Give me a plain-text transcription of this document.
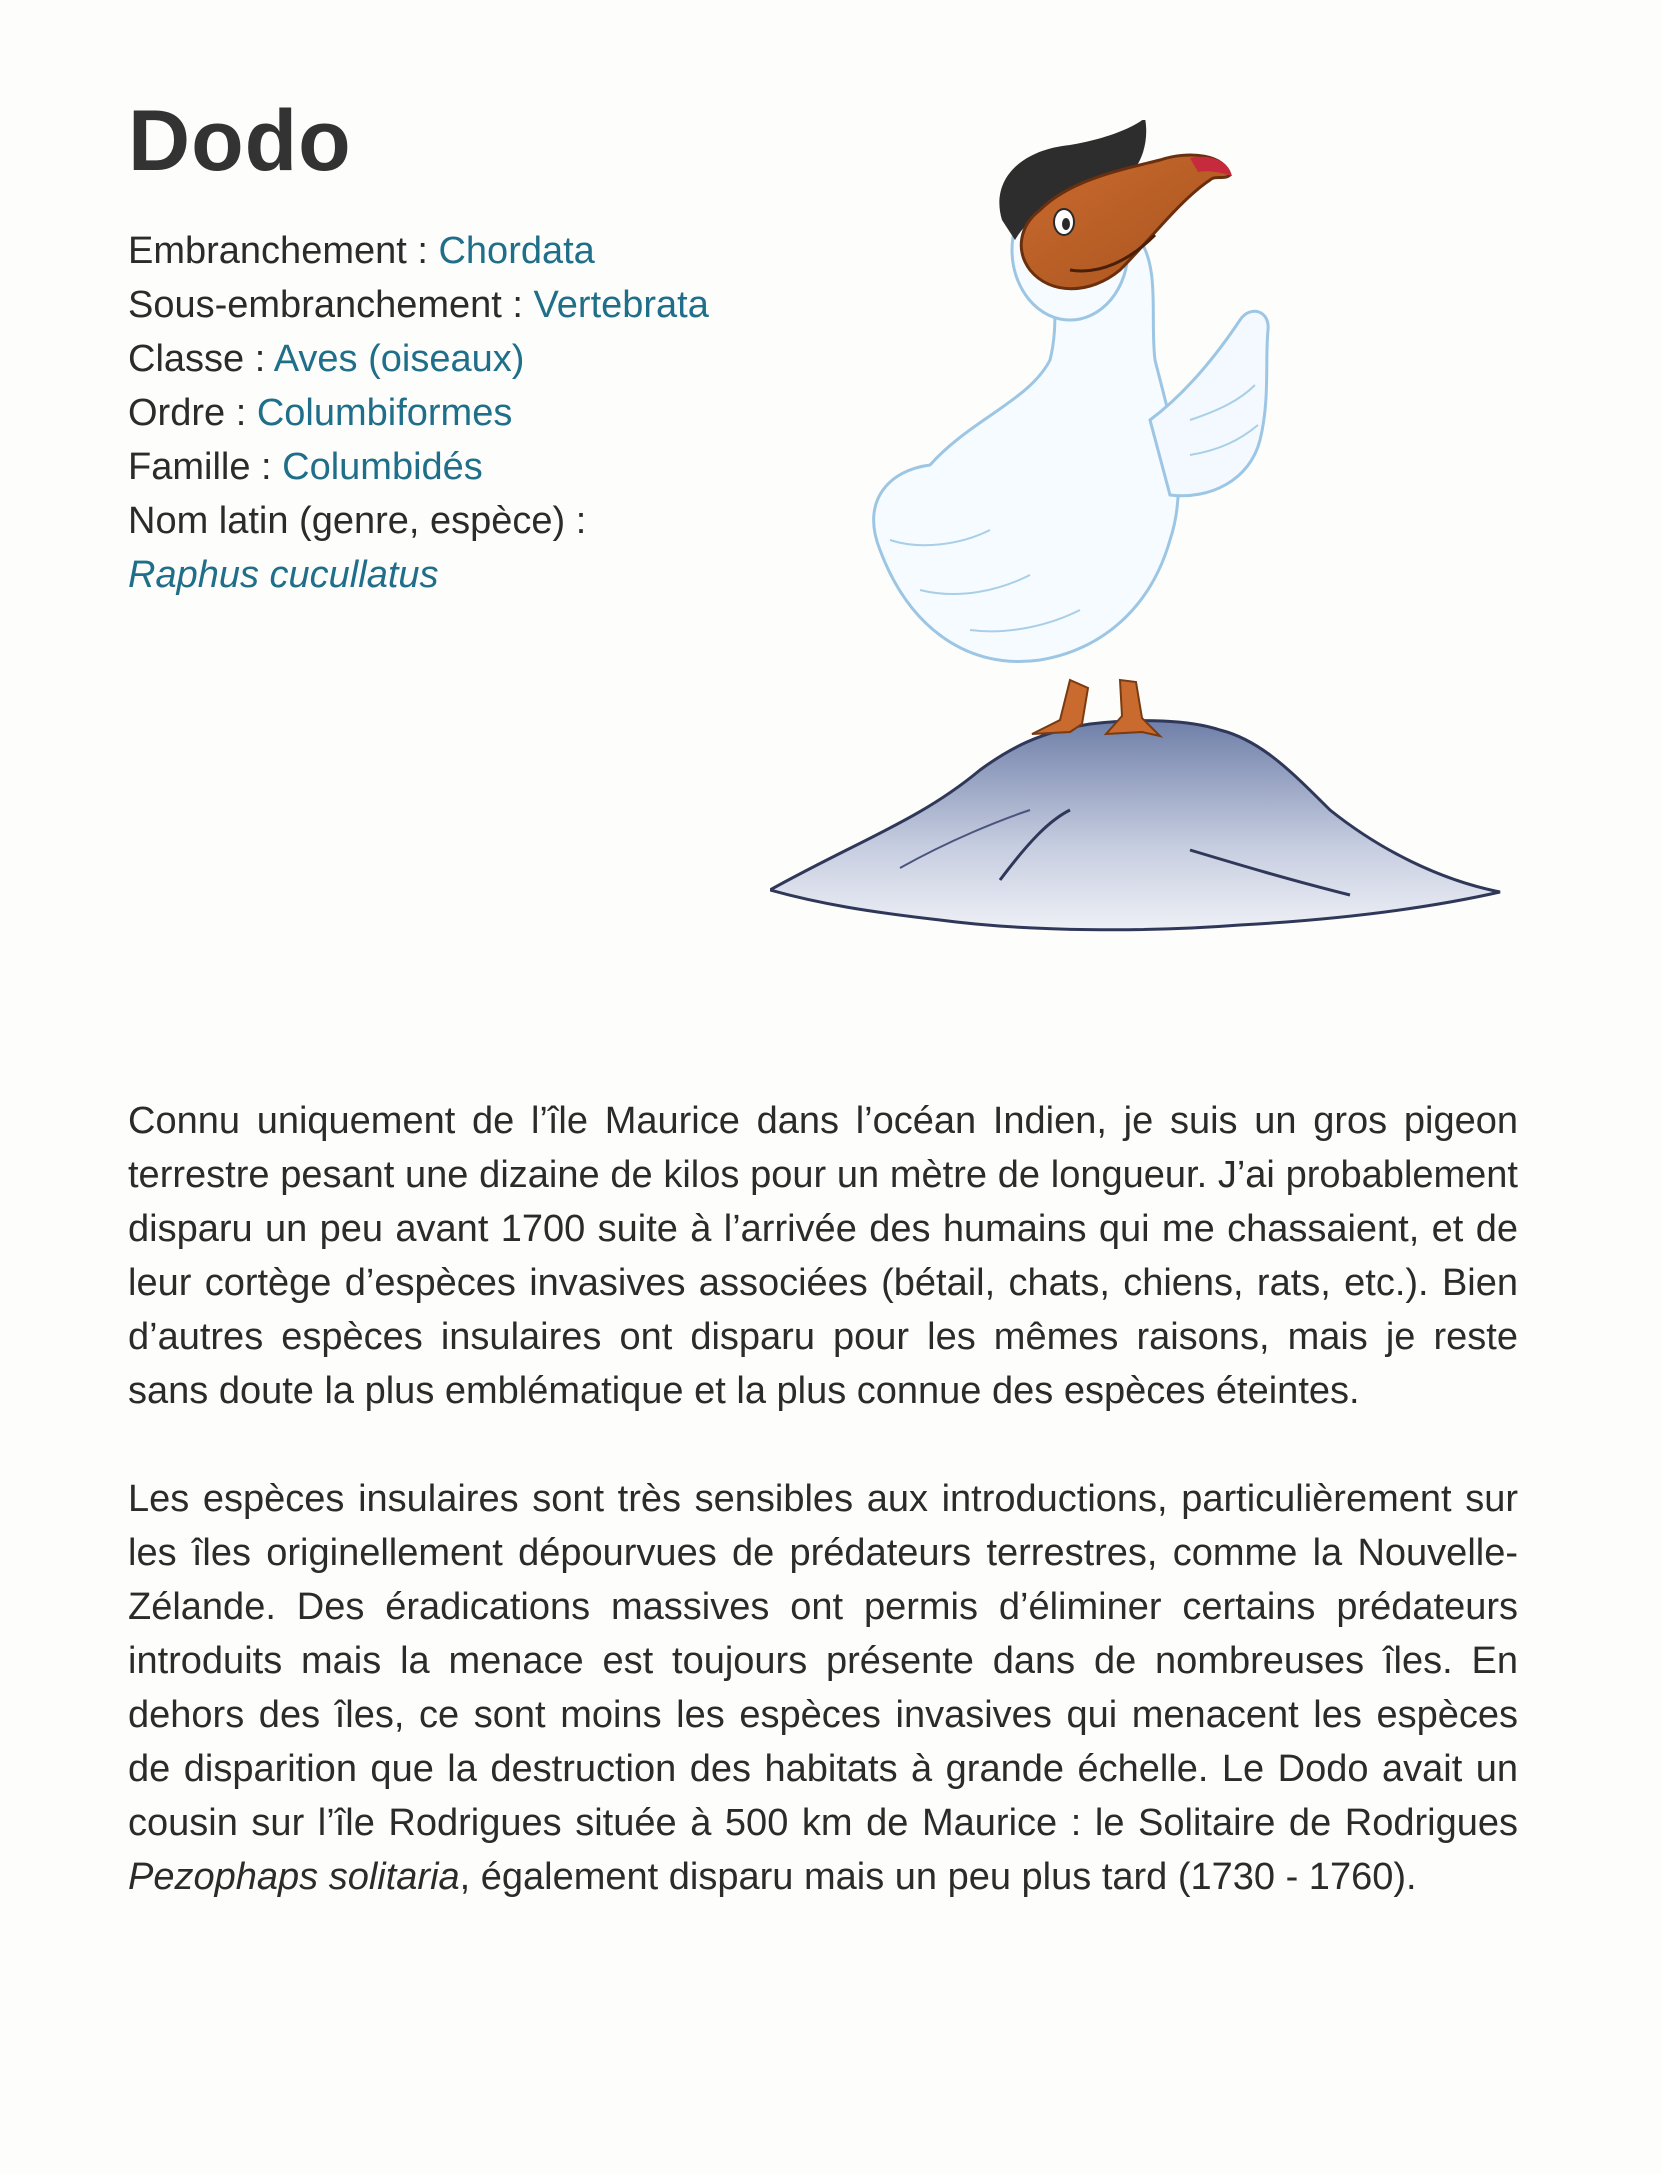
Dodo
Embranchement : Chordata
Sous-embranchement : Vertebrata
Classe : Aves (oiseaux)
Ordre : Columbiformes
Famille : Columbidés
Nom latin (genre, espèce) :
Raphus cucullatus

Connu uniquement de l’île Maurice dans l’océan Indien, je suis un gros pigeon terrestre pesant une dizaine de kilos pour un mètre de longueur. J’ai probablement disparu un peu avant 1700 suite à l’arrivée des humains qui me chassaient, et de leur cortège d’espèces invasives associées (bétail, chats, chiens, rats, etc.). Bien d’autres espèces insulaires ont disparu pour les mêmes raisons, mais je reste sans doute la plus emblématique et la plus connue des espèces éteintes.

Les espèces insulaires sont très sensibles aux introductions, particulièrement sur les îles originellement dépourvues de prédateurs terrestres, comme la Nouvelle-Zélande. Des éradications massives ont permis d’éliminer certains prédateurs introduits mais la menace est toujours présente dans de nombreuses îles. En dehors des îles, ce sont moins les espèces invasives qui menacent les espèces de disparition que la destruction des habitats à grande échelle. Le Dodo avait un cousin sur l’île Rodrigues située à 500 km de Maurice : le Solitaire de Rodrigues Pezophaps solitaria, également disparu mais un peu plus tard (1730 - 1760).
